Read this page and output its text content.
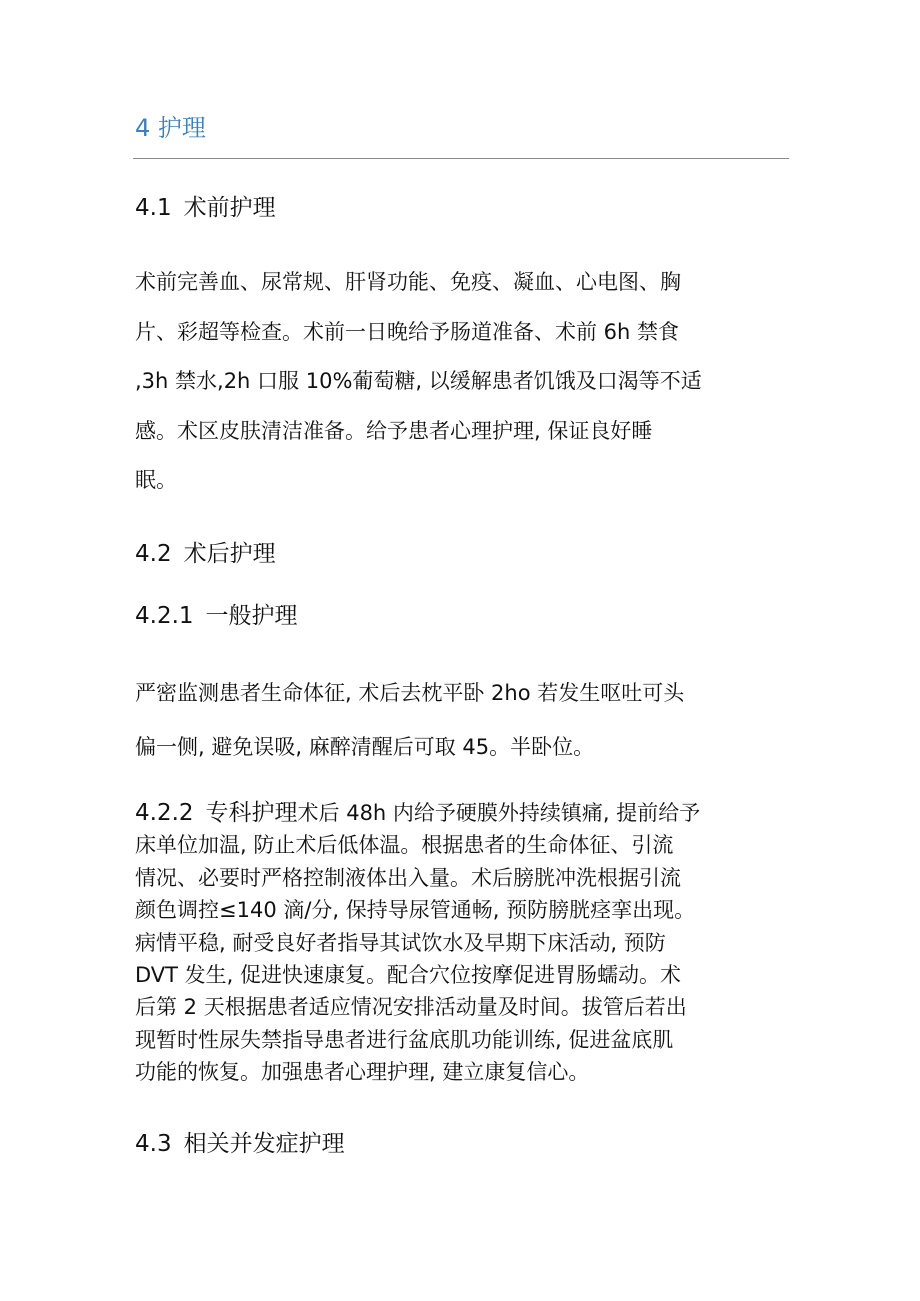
4 护理
4.1 术前护理
术前完善血、尿常规、肝肾功能、免疫、凝血、心电图、胸
片、彩超等检查。术前一日晚给予肠道准备、术前 6h 禁食
,3h 禁水,2h 口服 10%葡萄糖, 以缓解患者饥饿及口渴等不适
感。术区皮肤清洁准备。给予患者心理护理, 保证良好睡
眠。
4.2 术后护理
4.2.1 一般护理
严密监测患者生命体征, 术后去枕平卧 2ho 若发生呕吐可头
偏一侧, 避免误吸, 麻醉清醒后可取 45。半卧位。
4.2.2 专科护理术后 48h 内给予硬膜外持续镇痛, 提前给予
床单位加温, 防止术后低体温。根据患者的生命体征、引流
情况、必要时严格控制液体出入量。术后膀胱冲洗根据引流
颜色调控≤140 滴/分, 保持导尿管通畅, 预防膀胱痉挛出现。
病情平稳, 耐受良好者指导其试饮水及早期下床活动, 预防
DVT 发生, 促进快速康复。配合穴位按摩促进胃肠蠕动。术
后第 2 天根据患者适应情况安排活动量及时间。拔管后若出
现暂时性尿失禁指导患者进行盆底肌功能训练, 促进盆底肌
功能的恢复。加强患者心理护理, 建立康复信心。
4.3 相关并发症护理
